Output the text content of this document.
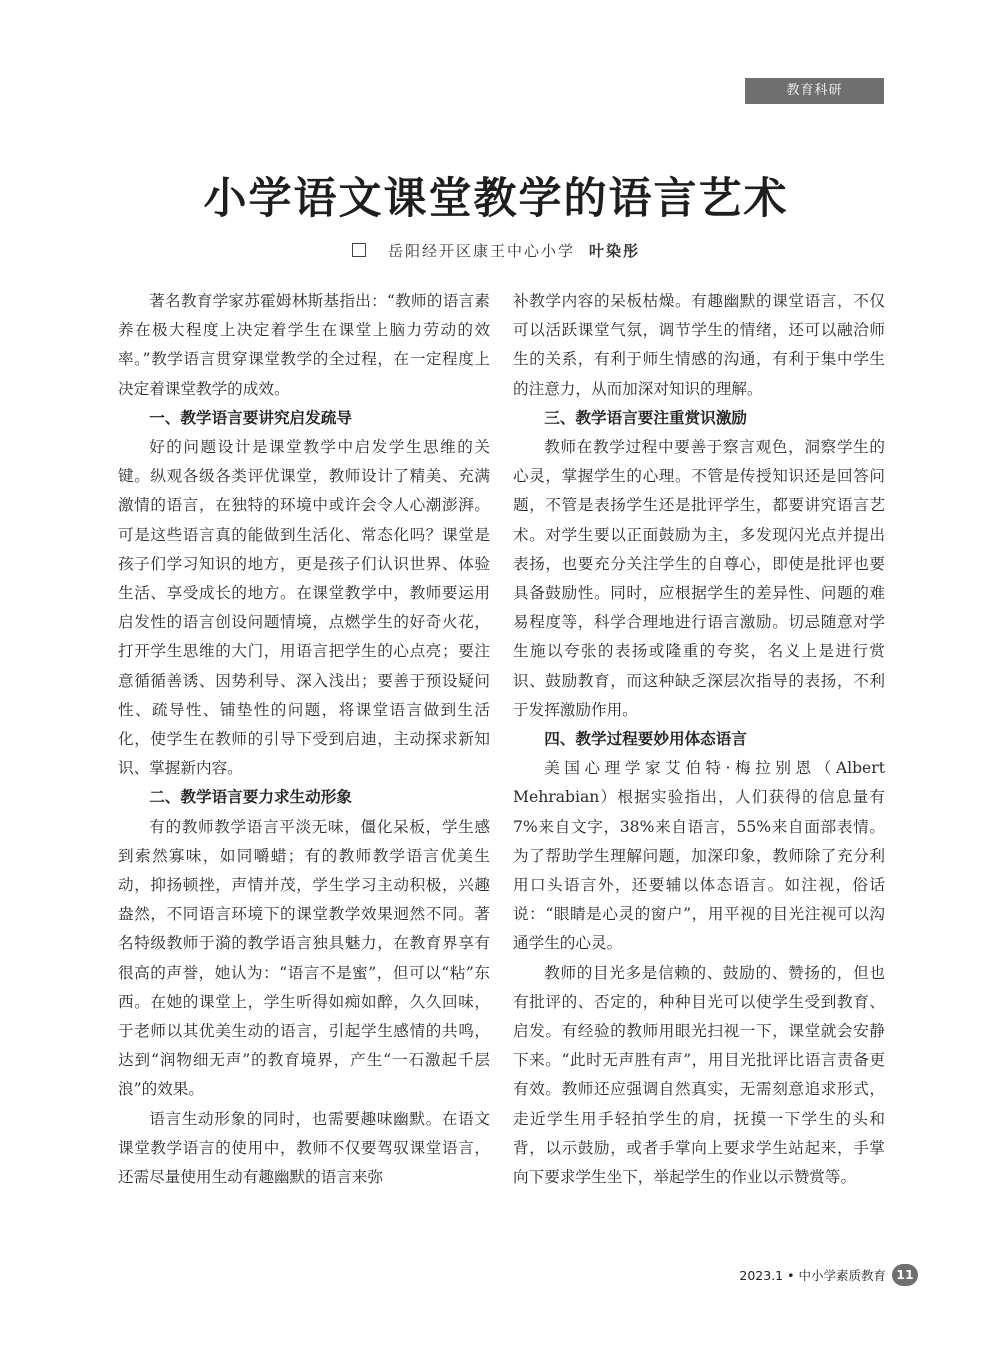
教育科研
小学语文课堂教学的语言艺术
岳阳经开区康王中心小学 叶染彤

著名教育学家苏霍姆林斯基指出：“教师的语言素养在极大程度上决定着学生在课堂上脑力劳动的效率。”教学语言贯穿课堂教学的全过程，在一定程度上决定着课堂教学的成效。

一、教学语言要讲究启发疏导

好的问题设计是课堂教学中启发学生思维的关键。纵观各级各类评优课堂，教师设计了精美、充满激情的语言，在独特的环境中或许会令人心潮澎湃。可是这些语言真的能做到生活化、常态化吗？课堂是孩子们学习知识的地方，更是孩子们认识世界、体验生活、享受成长的地方。在课堂教学中，教师要运用启发性的语言创设问题情境，点燃学生的好奇火花，打开学生思维的大门，用语言把学生的心点亮；要注意循循善诱、因势利导、深入浅出；要善于预设疑问性、疏导性、铺垫性的问题，将课堂语言做到生活化，使学生在教师的引导下受到启迪，主动探求新知识、掌握新内容。

二、教学语言要力求生动形象

有的教师教学语言平淡无味，僵化呆板，学生感到索然寡味，如同嚼蜡；有的教师教学语言优美生动，抑扬顿挫，声情并茂，学生学习主动积极，兴趣盎然，不同语言环境下的课堂教学效果迥然不同。著名特级教师于漪的教学语言独具魅力，在教育界享有很高的声誉，她认为：“语言不是蜜”，但可以“粘”东西。在她的课堂上，学生听得如痴如醉，久久回味，于老师以其优美生动的语言，引起学生感情的共鸣，达到“润物细无声”的教育境界，产生“一石激起千层浪”的效果。

语言生动形象的同时，也需要趣味幽默。在语文课堂教学语言的使用中，教师不仅要驾驭课堂语言，还需尽量使用生动有趣幽默的语言来弥

补教学内容的呆板枯燥。有趣幽默的课堂语言，不仅可以活跃课堂气氛，调节学生的情绪，还可以融洽师生的关系，有利于师生情感的沟通，有利于集中学生的注意力，从而加深对知识的理解。

三、教学语言要注重赏识激励

教师在教学过程中要善于察言观色，洞察学生的心灵，掌握学生的心理。不管是传授知识还是回答问题，不管是表扬学生还是批评学生，都要讲究语言艺术。对学生要以正面鼓励为主，多发现闪光点并提出表扬，也要充分关注学生的自尊心，即使是批评也要具备鼓励性。同时，应根据学生的差异性、问题的难易程度等，科学合理地进行语言激励。切忌随意对学生施以夸张的表扬或隆重的夸奖，名义上是进行赏识、鼓励教育，而这种缺乏深层次指导的表扬，不利于发挥激励作用。

四、教学过程要妙用体态语言

美国心理学家艾伯特·梅拉别恩（Albert Mehrabian）根据实验指出，人们获得的信息量有7%来自文字，38%来自语言，55%来自面部表情。为了帮助学生理解问题，加深印象，教师除了充分利用口头语言外，还要辅以体态语言。如注视，俗话说：“眼睛是心灵的窗户”，用平视的目光注视可以沟通学生的心灵。

教师的目光多是信赖的、鼓励的、赞扬的，但也有批评的、否定的，种种目光可以使学生受到教育、启发。有经验的教师用眼光扫视一下，课堂就会安静下来。“此时无声胜有声”，用目光批评比语言责备更有效。教师还应强调自然真实，无需刻意追求形式，走近学生用手轻拍学生的肩，抚摸一下学生的头和背，以示鼓励，或者手掌向上要求学生站起来，手掌向下要求学生坐下，举起学生的作业以示赞赏等。

2023.1
•
中小学素质教育 11
